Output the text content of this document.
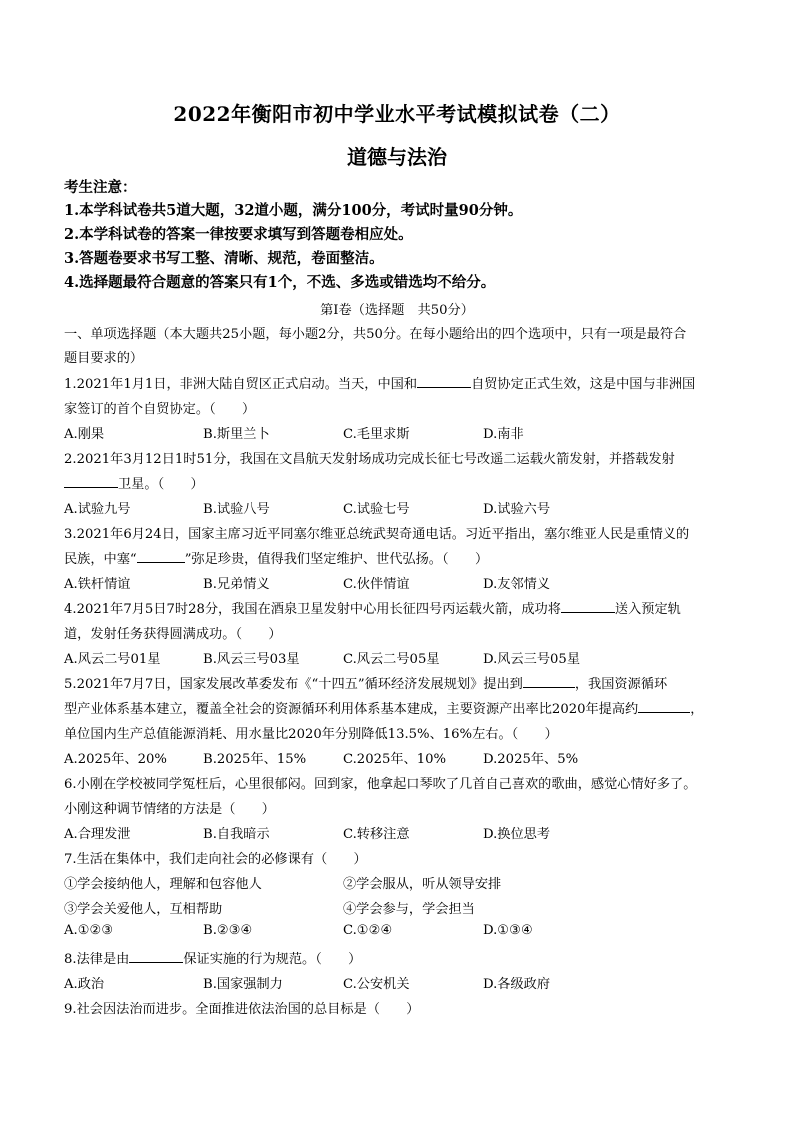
2022年衡阳市初中学业水平考试模拟试卷（二）
道德与法治
考生注意：
1.本学科试卷共5道大题，32道小题，满分100分，考试时量90分钟。
2.本学科试卷的答案一律按要求填写到答题卷相应处。
3.答题卷要求书写工整、清晰、规范，卷面整洁。
4.选择题最符合题意的答案只有1个，不选、多选或错选均不给分。
第Ⅰ卷（选择题　共50分）
一、单项选择题（本大题共25小题，每小题2分，共50分。在每小题给出的四个选项中，只有一项是最符合
题目要求的）
1.2021年1月1日，非洲大陆自贸区正式启动。当天，中国和	自贸协定正式生效，这是中国与非洲国
家签订的首个自贸协定。（　　）
A.刚果	B.斯里兰卜	C.毛里求斯	D.南非
2.2021年3月12日1时51分，我国在文昌航天发射场成功完成长征七号改遥二运载火箭发射，并搭载发射
卫星。（　　）
A.试验九号	B.试验八号	C.试验七号	D.试验六号
3.2021年6月24日，国家主席习近平同塞尔维亚总统武契奇通电话。习近平指出，塞尔维亚人民是重情义的
民族，中塞“	”弥足珍贵，值得我们坚定维护、世代弘扬。（　　）
A.铁杆情谊	B.兄弟情义	C.伙伴情谊	D.友邻情义
4.2021年7月5日7时28分，我国在酒泉卫星发射中心用长征四号丙运载火箭，成功将	送入预定轨
道，发射任务获得圆满成功。（　　）
A.风云二号01星	B.风云三号03星	C.风云二号05星	D.风云三号05星
5.2021年7月7日，国家发展改革委发布《“十四五”循环经济发展规划》提出到	，我国资源循环
型产业体系基本建立，覆盖全社会的资源循环利用体系基本建成，主要资源产出率比2020年提高约	，
单位国内生产总值能源消耗、用水量比2020年分别降低13.5%、16%左右。（　　）
A.2025年、20%	B.2025年、15%	C.2025年、10%	D.2025年、5%
6.小刚在学校被同学冤枉后，心里很郁闷。回到家，他拿起口琴吹了几首自己喜欢的歌曲，感觉心情好多了。
小刚这种调节情绪的方法是（　　）
A.合理发泄	B.自我暗示	C.转移注意	D.换位思考
7.生活在集体中，我们走向社会的必修课有（　　）
①学会接纳他人，理解和包容他人	②学会服从，听从领导安排
③学会关爱他人，互相帮助	④学会参与，学会担当
A.①②③	B.②③④	C.①②④	D.①③④
8.法律是由	保证实施的行为规范。（　　）
A.政治	B.国家强制力	C.公安机关	D.各级政府
9.社会因法治而进步。全面推进依法治国的总目标是（　　）
